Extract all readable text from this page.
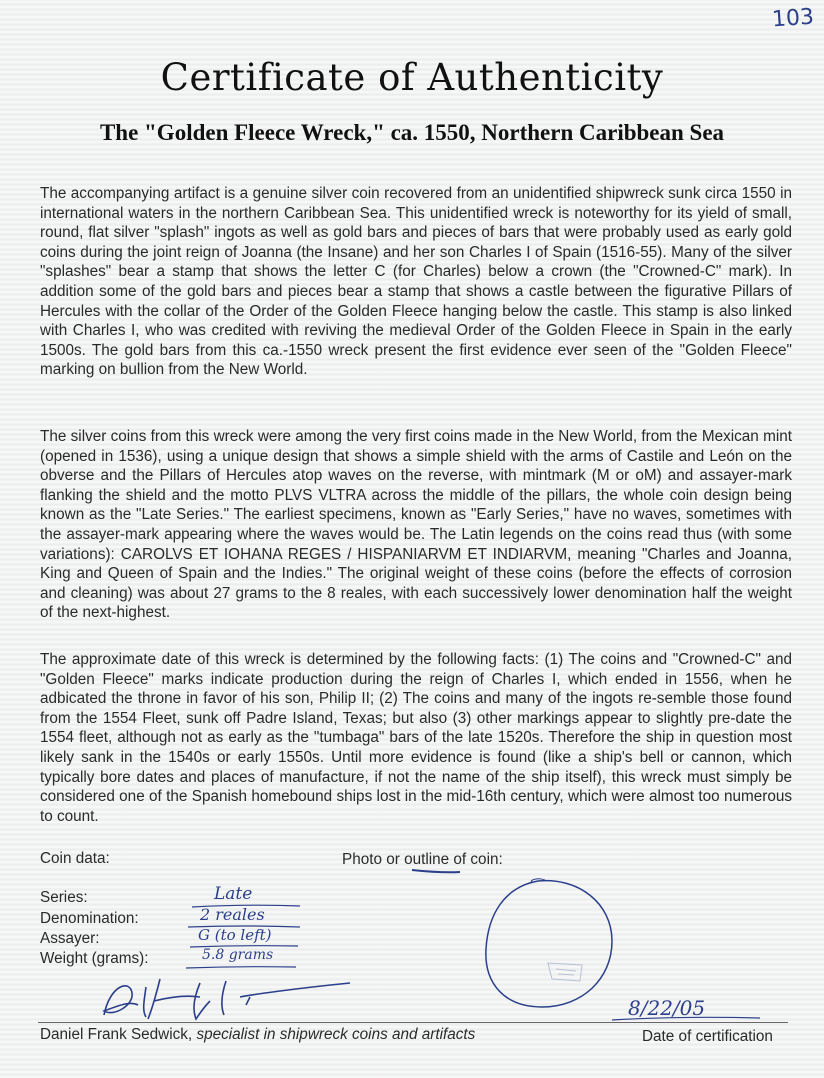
103
Certificate of Authenticity
The "Golden Fleece Wreck," ca. 1550, Northern Caribbean Sea

The accompanying artifact is a genuine silver coin recovered from an unidentified shipwreck sunk circa 1550 in international waters in the northern Caribbean Sea. This unidentified wreck is noteworthy for its yield of small, round, flat silver "splash" ingots as well as gold bars and pieces of bars that were probably used as early gold coins during the joint reign of Joanna (the Insane) and her son Charles I of Spain (1516-55). Many of the silver "splashes" bear a stamp that shows the letter C (for Charles) below a crown (the "Crowned-C" mark). In addition some of the gold bars and pieces bear a stamp that shows a castle between the figurative Pillars of Hercules with the collar of the Order of the Golden Fleece hanging below the castle. This stamp is also linked with Charles I, who was credited with reviving the medieval Order of the Golden Fleece in Spain in the early 1500s. The gold bars from this ca.-1550 wreck present the first evidence ever seen of the "Golden Fleece" marking on bullion from the New World.

The silver coins from this wreck were among the very first coins made in the New World, from the Mexican mint (opened in 1536), using a unique design that shows a simple shield with the arms of Castile and León on the obverse and the Pillars of Hercules atop waves on the reverse, with mintmark (M or oM) and assayer-mark flanking the shield and the motto PLVS VLTRA across the middle of the pillars, the whole coin design being known as the "Late Series." The earliest specimens, known as "Early Series," have no waves, sometimes with the assayer-mark appearing where the waves would be. The Latin legends on the coins read thus (with some variations): CAROLVS ET IOHANA REGES / HISPANIARVM ET INDIARVM, meaning "Charles and Joanna, King and Queen of Spain and the Indies." The original weight of these coins (before the effects of corrosion and cleaning) was about 27 grams to the 8 reales, with each successively lower denomination half the weight of the next-highest.

The approximate date of this wreck is determined by the following facts: (1) The coins and "Crowned-C" and "Golden Fleece" marks indicate production during the reign of Charles I, which ended in 1556, when he adbicated the throne in favor of his son, Philip II; (2) The coins and many of the ingots re-semble those found from the 1554 Fleet, sunk off Padre Island, Texas; but also (3) other markings appear to slightly pre-date the 1554 fleet, although not as early as the "tumbaga" bars of the late 1520s. Therefore the ship in question most likely sank in the 1540s or early 1550s. Until more evidence is found (like a ship's bell or cannon, which typically bore dates and places of manufacture, if not the name of the ship itself), this wreck must simply be considered one of the Spanish homebound ships lost in the mid-16th century, which were almost too numerous to count.

Coin data:	Photo or outline of coin:
Series:
Denomination:
Assayer:
Weight (grams):
Late
2 reales
G (to left)
5.8 grams
Daniel Frank Sedwick, specialist in shipwreck coins and artifacts
8/22/05
Date of certification
